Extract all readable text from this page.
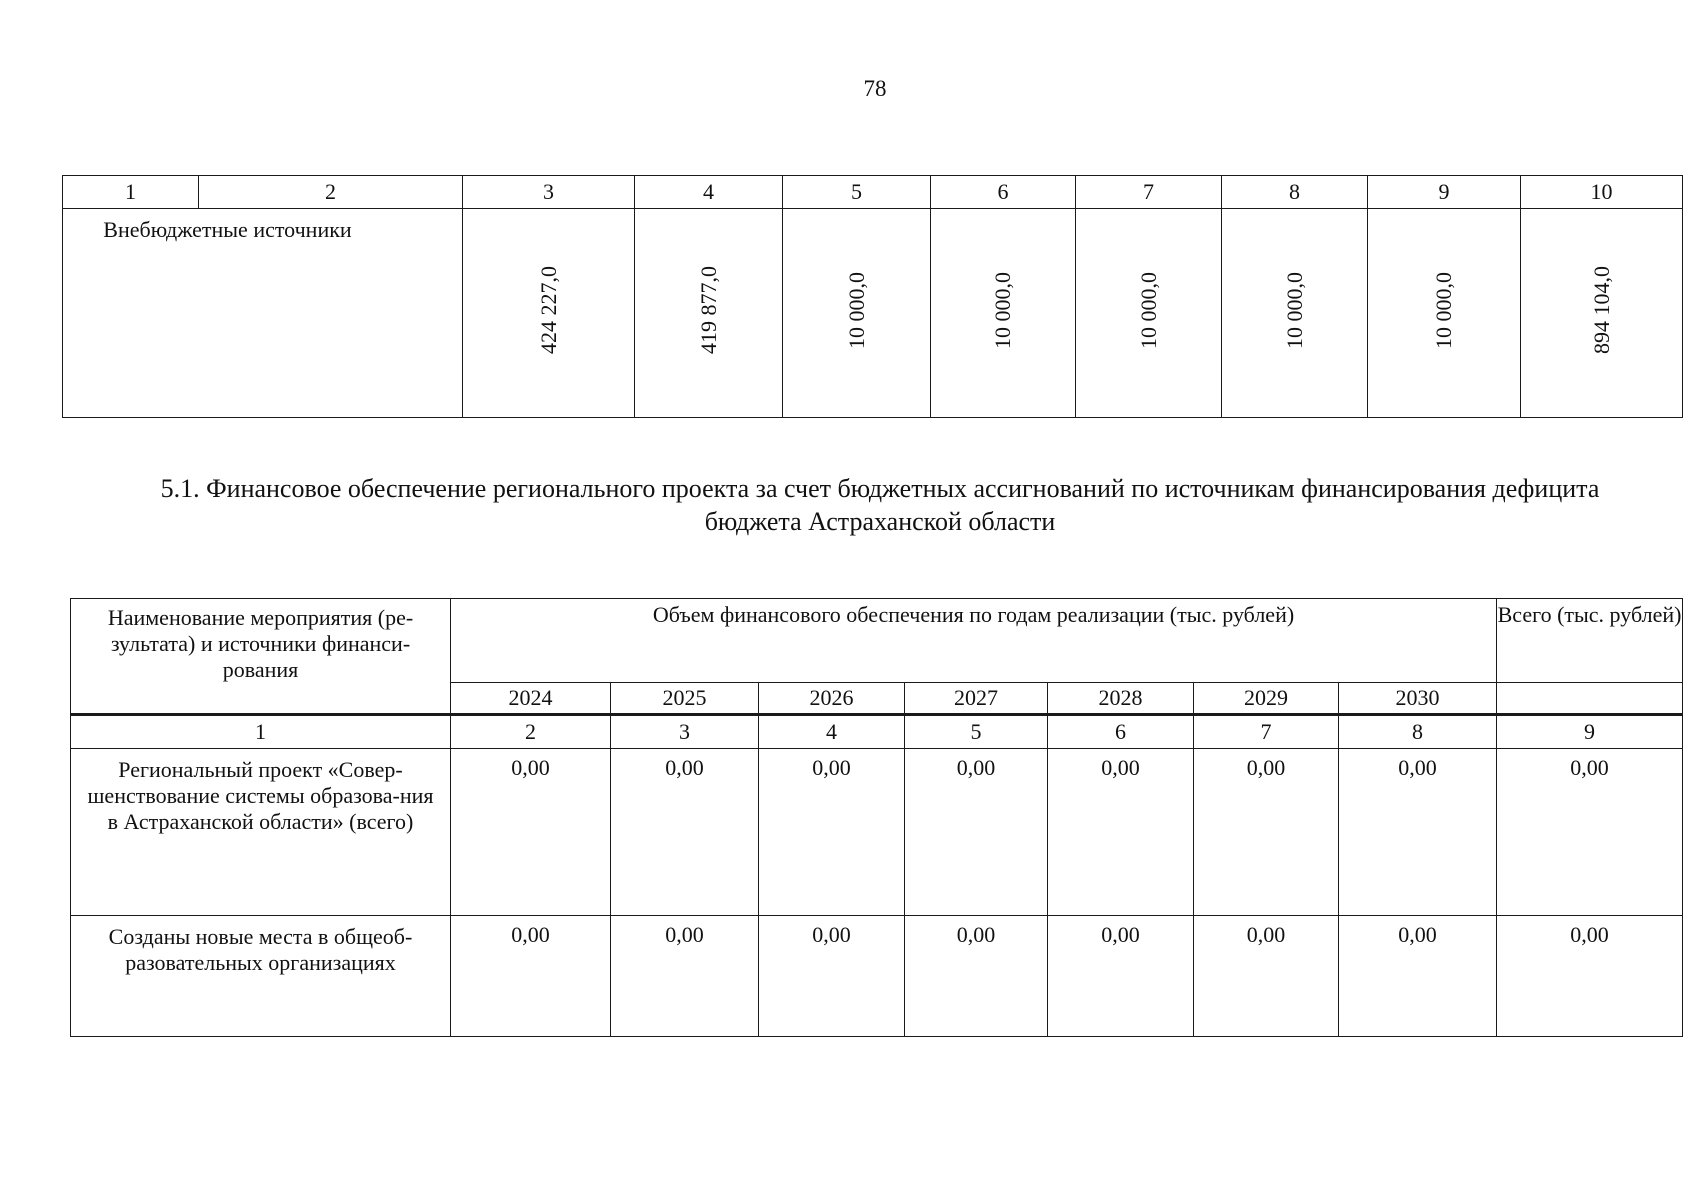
78
1	2	3	4	5	6	7	8	9	10
Внебюджетные источники		424 227,0	419 877,0	10 000,0	10 000,0	10 000,0	10 000,0	10 000,0	894 104,0
5.1. Финансовое обеспечение регионального проекта за счет бюджетных ассигнований по источникам финансирования дефицита
бюджета Астраханской области
Наименование мероприятия (ре-зультата) и источники финанси-рования	Объем финансового обеспечения по годам реализации (тыс. рублей)							Всего (тыс. рублей)
	2024	2025	2026	2027	2028	2029	2030	
1	2	3	4	5	6	7	8	9
Региональный проект «Совер-шенствование системы образова-ния в Астраханской области» (всего)	0,00	0,00	0,00	0,00	0,00	0,00	0,00	0,00
Созданы новые места в общеоб-разовательных организациях	0,00	0,00	0,00	0,00	0,00	0,00	0,00	0,00
